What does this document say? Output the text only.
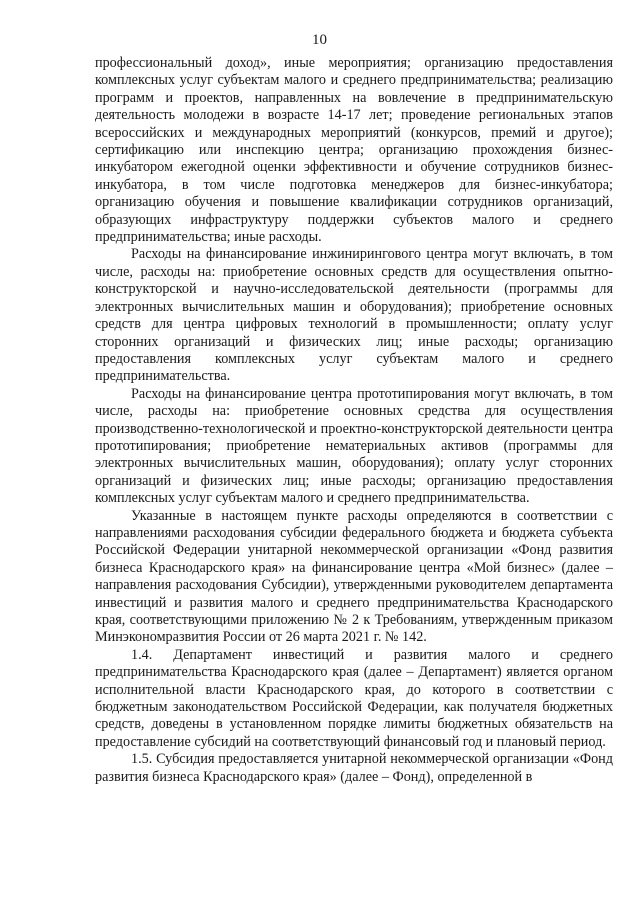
10

профессиональный доход», иные мероприятия; организацию предоставления комплексных услуг субъектам малого и среднего предпринимательства; реализацию программ и проектов, направленных на вовлечение в предпринимательскую деятельность молодежи в возрасте 14-17 лет; проведение региональных этапов всероссийских и международных мероприятий (конкурсов, премий и другое); сертификацию или инспекцию центра; организацию прохождения бизнес-инкубатором ежегодной оценки эффективности и обучение сотрудников бизнес-инкубатора, в том числе подготовка менеджеров для бизнес-инкубатора; организацию обучения и повышение квалификации сотрудников организаций, образующих инфраструктуру поддержки субъектов малого и среднего предпринимательства; иные расходы.

Расходы на финансирование инжинирингового центра могут включать, в том числе, расходы на: приобретение основных средств для осуществления опытно-конструкторской и научно-исследовательской деятельности (программы для электронных вычислительных машин и оборудования); приобретение основных средств для центра цифровых технологий в промышленности; оплату услуг сторонних организаций и физических лиц; иные расходы; организацию предоставления комплексных услуг субъектам малого и среднего предпринимательства.

Расходы на финансирование центра прототипирования могут включать, в том числе, расходы на: приобретение основных средства для осуществления производственно-технологической и проектно-конструкторской деятельности центра прототипирования; приобретение нематериальных активов (программы для электронных вычислительных машин, оборудования); оплату услуг сторонних организаций и физических лиц; иные расходы; организацию предоставления комплексных услуг субъектам малого и среднего предпринимательства.

Указанные в настоящем пункте расходы определяются в соответствии с направлениями расходования субсидии федерального бюджета и бюджета субъекта Российской Федерации унитарной некоммерческой организации «Фонд развития бизнеса Краснодарского края» на финансирование центра «Мой бизнес» (далее – направления расходования Субсидии), утвержденными руководителем департамента инвестиций и развития малого и среднего предпринимательства Краснодарского края, соответствующими приложению № 2 к Требованиям, утвержденным приказом Минэкономразвития России от 26 марта 2021 г. № 142.

1.4. Департамент инвестиций и развития малого и среднего предпринимательства Краснодарского края (далее – Департамент) является органом исполнительной власти Краснодарского края, до которого в соответствии с бюджетным законодательством Российской Федерации, как получателя бюджетных средств, доведены в установленном порядке лимиты бюджетных обязательств на предоставление субсидий на соответствующий финансовый год и плановый период.

1.5. Субсидия предоставляется унитарной некоммерческой организации «Фонд развития бизнеса Краснодарского края» (далее – Фонд), определенной в
